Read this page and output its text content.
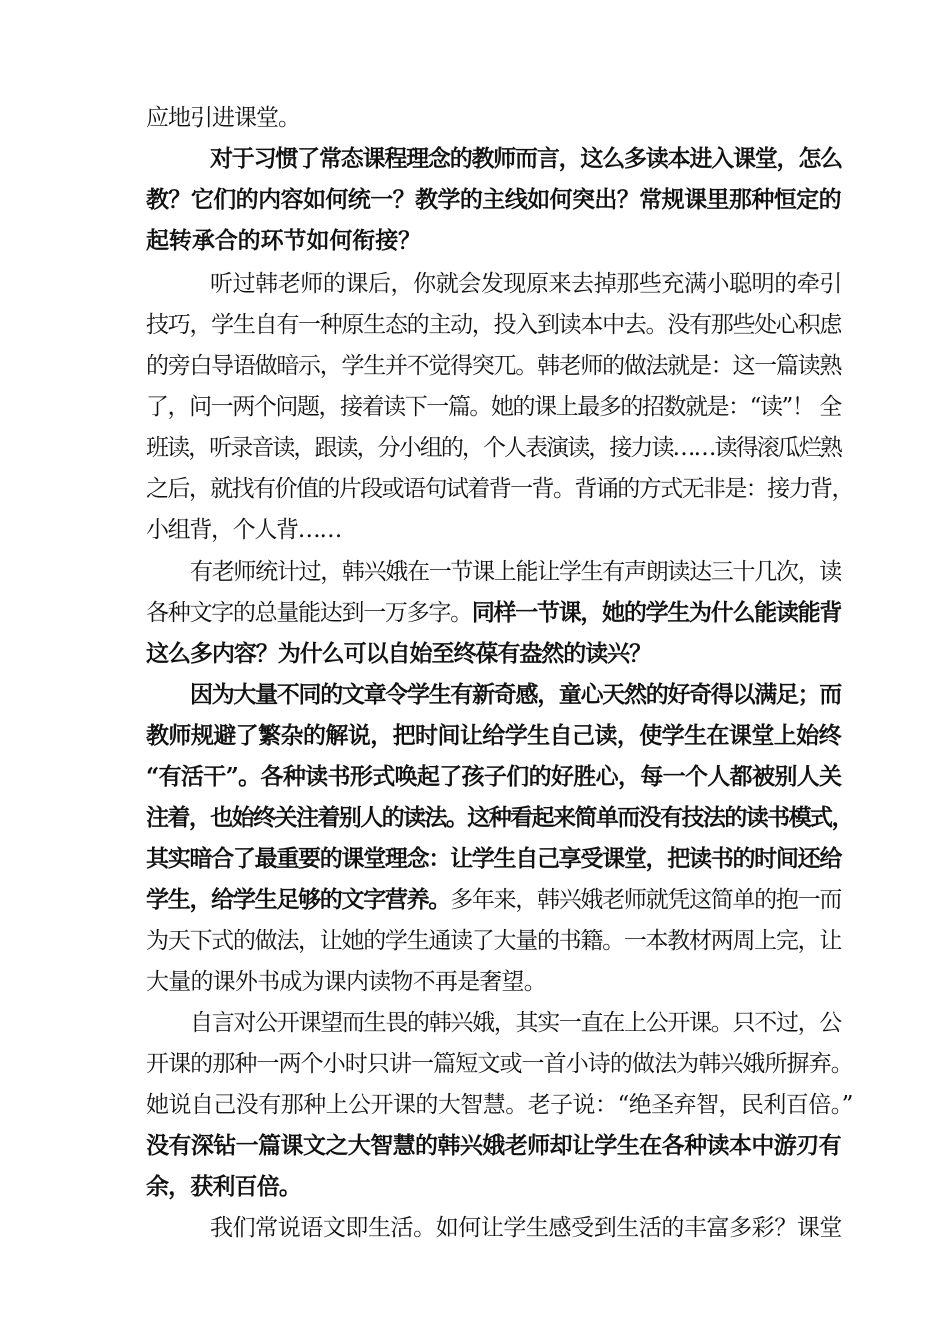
应地引进课堂。
对于习惯了常态课程理念的教师而言，这么多读本进入课堂，怎么
教？它们的内容如何统一？教学的主线如何突出？常规课里那种恒定的
起转承合的环节如何衔接？
听过韩老师的课后，你就会发现原来去掉那些充满小聪明的牵引
技巧，学生自有一种原生态的主动，投入到读本中去。没有那些处心积虑
的旁白导语做暗示，学生并不觉得突兀。韩老师的做法就是：这一篇读熟
了，问一两个问题，接着读下一篇。她的课上最多的招数就是：“读”！ 全
班读，听录音读，跟读，分小组的，个人表演读，接力读……读得滚瓜烂熟
之后，就找有价值的片段或语句试着背一背。背诵的方式无非是：接力背，
小组背，个人背……
有老师统计过，韩兴娥在一节课上能让学生有声朗读达三十几次，读
各种文字的总量能达到一万多字。同样一节课，她的学生为什么能读能背
这么多内容？为什么可以自始至终葆有盎然的读兴？
因为大量不同的文章令学生有新奇感，童心天然的好奇得以满足；而
教师规避了繁杂的解说，把时间让给学生自己读，使学生在课堂上始终
“有活干”。各种读书形式唤起了孩子们的好胜心，每一个人都被别人关
注着，也始终关注着别人的读法。这种看起来简单而没有技法的读书模式，
其实暗合了最重要的课堂理念：让学生自己享受课堂，把读书的时间还给
学生，给学生足够的文字营养。多年来，韩兴娥老师就凭这简单的抱一而
为天下式的做法，让她的学生通读了大量的书籍。一本教材两周上完，让
大量的课外书成为课内读物不再是奢望。
自言对公开课望而生畏的韩兴娥，其实一直在上公开课。只不过，公
开课的那种一两个小时只讲一篇短文或一首小诗的做法为韩兴娥所摒弃。
她说自己没有那种上公开课的大智慧。老子说：“绝圣弃智，民利百倍。”
没有深钻一篇课文之大智慧的韩兴娥老师却让学生在各种读本中游刃有
余，获利百倍。
我们常说语文即生活。如何让学生感受到生活的丰富多彩？课堂
